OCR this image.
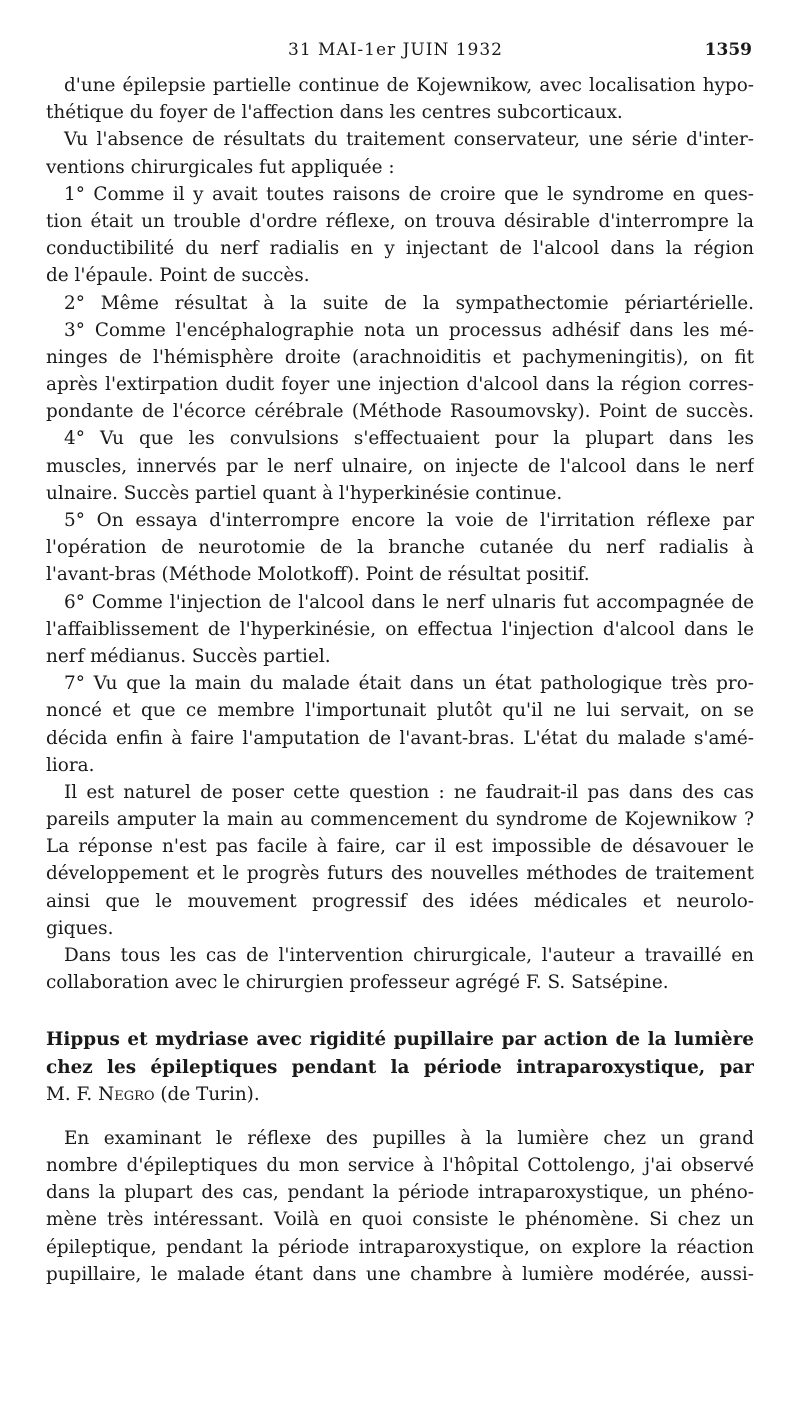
31 MAI-1er JUIN 1932	1359
d'une épilepsie partielle continue de Kojewnikow, avec localisation hypo-
thétique du foyer de l'affection dans les centres subcorticaux.
Vu l'absence de résultats du traitement conservateur, une série d'inter-
ventions chirurgicales fut appliquée :
1° Comme il y avait toutes raisons de croire que le syndrome en ques-
tion était un trouble d'ordre réflexe, on trouva désirable d'interrompre la
conductibilité du nerf radialis en y injectant de l'alcool dans la région
de l'épaule. Point de succès.
2° Même résultat à la suite de la sympathectomie périartérielle.
3° Comme l'encéphalographie nota un processus adhésif dans les mé-
ninges de l'hémisphère droite (arachnoiditis et pachymeningitis), on fit
après l'extirpation dudit foyer une injection d'alcool dans la région corres-
pondante de l'écorce cérébrale (Méthode Rasoumovsky). Point de succès.
4° Vu que les convulsions s'effectuaient pour la plupart dans les
muscles, innervés par le nerf ulnaire, on injecte de l'alcool dans le nerf
ulnaire. Succès partiel quant à l'hyperkinésie continue.
5° On essaya d'interrompre encore la voie de l'irritation réflexe par
l'opération de neurotomie de la branche cutanée du nerf radialis à
l'avant-bras (Méthode Molotkoff). Point de résultat positif.
6° Comme l'injection de l'alcool dans le nerf ulnaris fut accompagnée de
l'affaiblissement de l'hyperkinésie, on effectua l'injection d'alcool dans le
nerf médianus. Succès partiel.
7° Vu que la main du malade était dans un état pathologique très pro-
noncé et que ce membre l'importunait plutôt qu'il ne lui servait, on se
décida enfin à faire l'amputation de l'avant-bras. L'état du malade s'amé-
liora.
Il est naturel de poser cette question : ne faudrait-il pas dans des cas
pareils amputer la main au commencement du syndrome de Kojewnikow ?
La réponse n'est pas facile à faire, car il est impossible de désavouer le
développement et le progrès futurs des nouvelles méthodes de traitement
ainsi que le mouvement progressif des idées médicales et neurolo-
giques.
Dans tous les cas de l'intervention chirurgicale, l'auteur a travaillé en
collaboration avec le chirurgien professeur agrégé F. S. Satsépine.
Hippus et mydriase avec rigidité pupillaire par action de la lumière
chez les épileptiques pendant la période intraparoxystique, par
M. F. Negro (de Turin).
En examinant le réflexe des pupilles à la lumière chez un grand
nombre d'épileptiques du mon service à l'hôpital Cottolengo, j'ai observé
dans la plupart des cas, pendant la période intraparoxystique, un phéno-
mène très intéressant. Voilà en quoi consiste le phénomène. Si chez un
épileptique, pendant la période intraparoxystique, on explore la réaction
pupillaire, le malade étant dans une chambre à lumière modérée, aussi-
